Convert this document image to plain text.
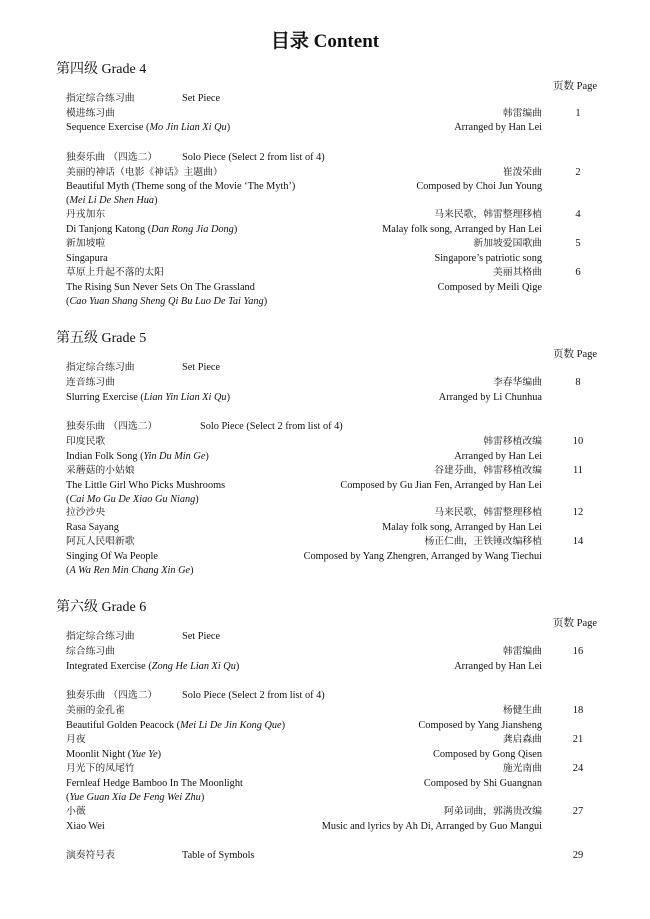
目录 Content
第四级 Grade 4
页数 Page
指定综合练习曲	Set Piece
模进练习曲	韩雷编曲	1
Sequence Exercise (Mo Jin Lian Xi Qu)	Arranged by Han Lei
独奏乐曲 （四选二） Solo Piece (Select 2 from list of 4)
美丽的神话（电影《神话》主题曲）	崔泼荣曲	2
Beautiful Myth (Theme song of the Movie ‘The Myth’)	Composed by Choi Jun Young
(Mei Li De Shen Hua)
丹戎加东	马来民歌，韩雷整理移植	4
Di Tanjong Katong (Dan Rong Jia Dong)	Malay folk song, Arranged by Han Lei
新加坡啦	新加坡爱国歌曲	5
Singapura	Singapore’s patriotic song
草原上升起不落的太阳	美丽其格曲	6
The Rising Sun Never Sets On The Grassland	Composed by Meili Qige
(Cao Yuan Shang Sheng Qi Bu Luo De Tai Yang)
第五级 Grade 5
页数 Page
指定综合练习曲	Set Piece
连音练习曲	李春华编曲	8
Slurring Exercise (Lian Yin Lian Xi Qu)	Arranged by Li Chunhua
独奏乐曲 （四选二）	Solo Piece (Select 2 from list of 4)
印度民歌	韩雷移植改编	10
Indian Folk Song (Yin Du Min Ge)	Arranged by Han Lei
采蘑菇的小姑娘	谷建芬曲，韩雷移植改编	11
The Little Girl Who Picks Mushrooms	Composed by Gu Jian Fen, Arranged by Han Lei
(Cai Mo Gu De Xiao Gu Niang)
拉沙沙央	马来民歌，韩雷整理移植	12
Rasa Sayang	Malay folk song, Arranged by Han Lei
阿瓦人民唱新歌	杨正仁曲，王铁锤改编移植	14
Singing Of Wa People	Composed by Yang Zhengren, Arranged by Wang Tiechui
(A Wa Ren Min Chang Xin Ge)
第六级 Grade 6
页数 Page
指定综合练习曲	Set Piece
综合练习曲	韩雷编曲	16
Integrated Exercise (Zong He Lian Xi Qu)	Arranged by Han Lei
独奏乐曲 （四选二） Solo Piece (Select 2 from list of 4)
美丽的金孔雀	杨健生曲	18
Beautiful Golden Peacock (Mei Li De Jin Kong Que)	Composed by Yang Jiansheng
月夜	龚启森曲	21
Moonlit Night (Yue Ye)	Composed by Gong Qisen
月光下的凤尾竹	施光南曲	24
Fernleaf Hedge Bamboo In The Moonlight	Composed by Shi Guangnan
(Yue Guan Xia De Feng Wei Zhu)
小薇	阿弟词曲，郭满贵改编	27
Xiao Wei	Music and lyrics by Ah Di, Arranged by Guo Mangui
演奏符号表	Table of Symbols	29
